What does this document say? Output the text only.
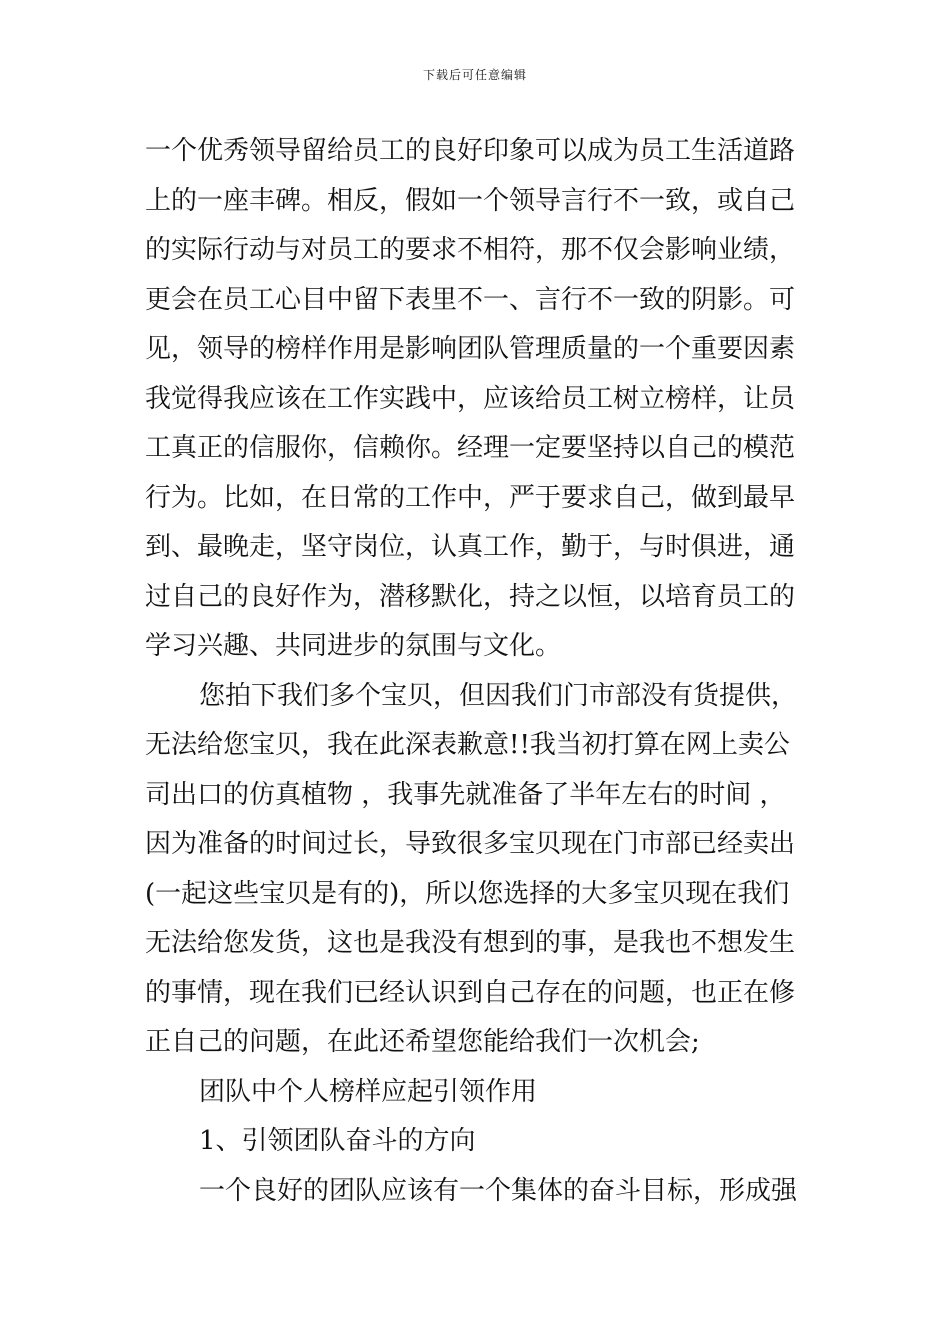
下载后可任意编辑
一个优秀领导留给员工的良好印象可以成为员工生活道路
上的一座丰碑。相反，假如一个领导言行不一致，或自己
的实际行动与对员工的要求不相符，那不仅会影响业绩，
更会在员工心目中留下表里不一、言行不一致的阴影。可
见，领导的榜样作用是影响团队管理质量的一个重要因素
我觉得我应该在工作实践中，应该给员工树立榜样，让员
工真正的信服你，信赖你。经理一定要坚持以自己的模范
行为。比如，在日常的工作中，严于要求自己，做到最早
到、最晚走，坚守岗位，认真工作，勤于，与时俱进，通
过自己的良好作为，潜移默化，持之以恒，以培育员工的
学习兴趣、共同进步的氛围与文化。
您拍下我们多个宝贝，但因我们门市部没有货提供，
无法给您宝贝，我在此深表歉意!!我当初打算在网上卖公
司出口的仿真植物 ，我事先就准备了半年左右的时间 ，
因为准备的时间过长，导致很多宝贝现在门市部已经卖出
(一起这些宝贝是有的)，所以您选择的大多宝贝现在我们
无法给您发货，这也是我没有想到的事，是我也不想发生
的事情，现在我们已经认识到自己存在的问题，也正在修
正自己的问题，在此还希望您能给我们一次机会;
团队中个人榜样应起引领作用
1、引领团队奋斗的方向
一个良好的团队应该有一个集体的奋斗目标，形成强
